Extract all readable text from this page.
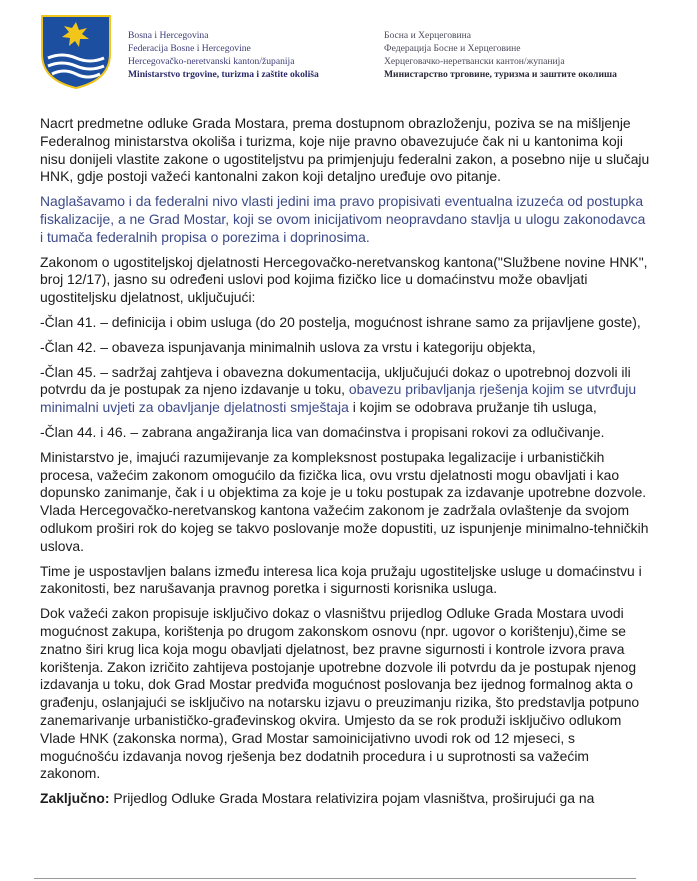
Bosna i Hercegovina
Federacija Bosne i Hercegovine
Hercegovačko-neretvanski kanton/županija
Ministarstvo trgovine, turizma i zaštite okoliša
Босна и Херцеговина
Федерација Босне и Херцеговине
Херцеговачко-неретвански кантон/жупанија
Министарство трговине, туризма и заштите околиша

Nacrt predmetne odluke Grada Mostara, prema dostupnom obrazloženju, poziva se na mišljenje Federalnog ministarstva okoliša i turizma, koje nije pravno obavezujuće čak ni u kantonima koji nisu donijeli vlastite zakone o ugostiteljstvu pa primjenjuju federalni zakon, a posebno nije u slučaju HNK, gdje postoji važeći kantonalni zakon koji detaljno uređuje ovo pitanje.

Naglašavamo i da federalni nivo vlasti jedini ima pravo propisivati eventualna izuzeća od postupka fiskalizacije, a ne Grad Mostar, koji se ovom inicijativom neopravdano stavlja u ulogu zakonodavca i tumača federalnih propisa o porezima i doprinosima.

Zakonom o ugostiteljskoj djelatnosti Hercegovačko-neretvanskog kantona("Službene novine HNK", broj 12/17), jasno su određeni uslovi pod kojima fizičko lice u domaćinstvu može obavljati ugostiteljsku djelatnost, uključujući:

-Član 41. – definicija i obim usluga (do 20 postelja, mogućnost ishrane samo za prijavljene goste),

-Član 42. – obaveza ispunjavanja minimalnih uslova za vrstu i kategoriju objekta,

-Član 45. – sadržaj zahtjeva i obavezna dokumentacija, uključujući dokaz o upotrebnoj dozvoli ili potvrdu da je postupak za njeno izdavanje u toku, obavezu pribavljanja rješenja kojim se utvrđuju minimalni uvjeti za obavljanje djelatnosti smještaja i kojim se odobrava pružanje tih usluga,

-Član 44. i 46. – zabrana angažiranja lica van domaćinstva i propisani rokovi za odlučivanje.

Ministarstvo je, imajući razumijevanje za kompleksnost postupaka legalizacije i urbanističkih procesa, važećim zakonom omogućilo da fizička lica, ovu vrstu djelatnosti mogu obavljati i kao dopunsko zanimanje, čak i u objektima za koje je u toku postupak za izdavanje upotrebne dozvole. Vlada Hercegovačko-neretvanskog kantona važećim zakonom je zadržala ovlaštenje da svojom odlukom proširi rok do kojeg se takvo poslovanje može dopustiti, uz ispunjenje minimalno-tehničkih uslova.

Time je uspostavljen balans između interesa lica koja pružaju ugostiteljske usluge u domaćinstvu i zakonitosti, bez narušavanja pravnog poretka i sigurnosti korisnika usluga.

Dok važeći zakon propisuje isključivo dokaz o vlasništvu prijedlog Odluke Grada Mostara uvodi mogućnost zakupa, korištenja po drugom zakonskom osnovu (npr. ugovor o korištenju),čime se znatno širi krug lica koja mogu obavljati djelatnost, bez pravne sigurnosti i kontrole izvora prava korištenja. Zakon izričito zahtijeva postojanje upotrebne dozvole ili potvrdu da je postupak njenog izdavanja u toku, dok Grad Mostar predviđa mogućnost poslovanja bez ijednog formalnog akta o građenju, oslanjajući se isključivo na notarsku izjavu o preuzimanju rizika, što predstavlja potpuno zanemarivanje urbanističko-građevinskog okvira. Umjesto da se rok produži isključivo odlukom Vlade HNK (zakonska norma), Grad Mostar samoinicijativno uvodi rok od 12 mjeseci, s mogućnošću izdavanja novog rješenja bez dodatnih procedura i u suprotnosti sa važećim zakonom.

Zaključno: Prijedlog Odluke Grada Mostara relativizira pojam vlasništva, proširujući ga na
